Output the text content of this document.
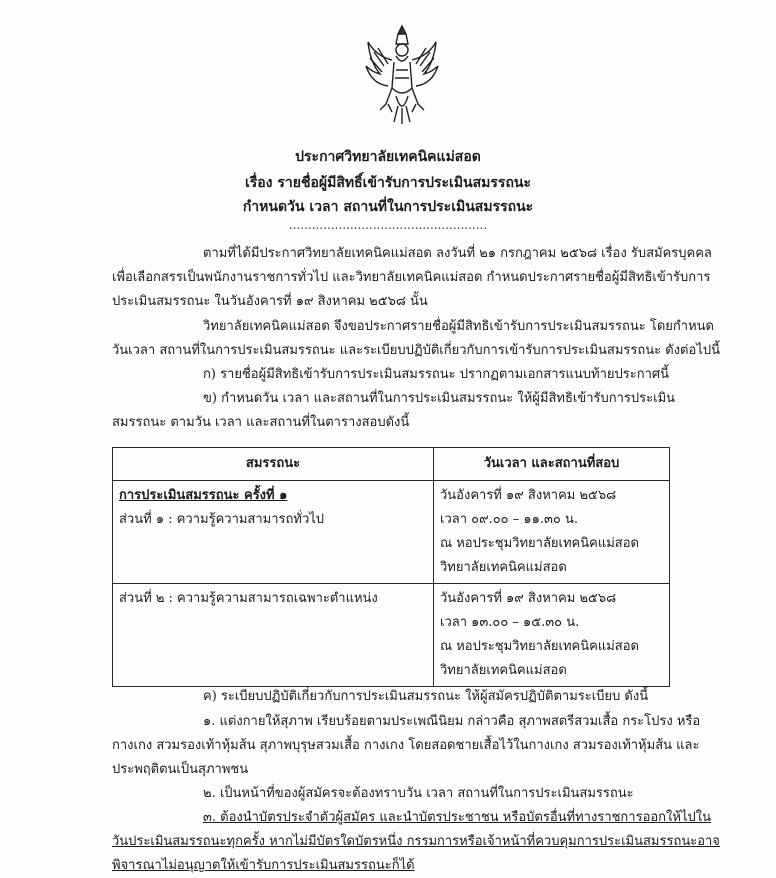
ประกาศวิทยาลัยเทคนิคแม่สอด
เรื่อง รายชื่อผู้มีสิทธิ์เข้ารับการประเมินสมรรถนะ
กำหนดวัน เวลา สถานที่ในการประเมินสมรรถนะ
....................................................
ตามที่ได้มีประกาศวิทยาลัยเทคนิคแม่สอด ลงวันที่ ๒๑ กรกฎาคม ๒๕๖๘ เรื่อง รับสมัครบุคคล
เพื่อเลือกสรรเป็นพนักงานราชการทั่วไป และวิทยาลัยเทคนิคแม่สอด กำหนดประกาศรายชื่อผู้มีสิทธิเข้ารับการ
ประเมินสมรรถนะ ในวันอังคารที่ ๑๙ สิงหาคม ๒๕๖๘ นั้น
วิทยาลัยเทคนิคแม่สอด จึงขอประกาศรายชื่อผู้มีสิทธิเข้ารับการประเมินสมรรถนะ โดยกำหนด
วันเวลา สถานที่ในการประเมินสมรรถนะ และระเบียบปฏิบัติเกี่ยวกับการเข้ารับการประเมินสมรรถนะ ดังต่อไปนี้
ก) รายชื่อผู้มีสิทธิเข้ารับการประเมินสมรรถนะ ปรากฏตามเอกสารแนบท้ายประกาศนี้
ข) กำหนดวัน เวลา และสถานที่ในการประเมินสมรรถนะ ให้ผู้มีสิทธิเข้ารับการประเมิน
สมรรถนะ ตามวัน เวลา และสถานที่ในตารางสอบดังนี้
สมรรถนะ	วันเวลา และสถานที่สอบ

การประเมินสมรรถนะ ครั้งที่ ๑
ส่วนที่ ๑ : ความรู้ความสามารถทั่วไป	วันอังคารที่ ๑๙ สิงหาคม ๒๕๖๘
เวลา ๐๙.๐๐ – ๑๑.๓๐ น.
ณ หอประชุมวิทยาลัยเทคนิคแม่สอด
วิทยาลัยเทคนิคแม่สอด

ส่วนที่ ๒ : ความรู้ความสามารถเฉพาะตำแหน่ง	วันอังคารที่ ๑๙ สิงหาคม ๒๕๖๘
เวลา ๑๓.๐๐ – ๑๕.๓๐ น.
ณ หอประชุมวิทยาลัยเทคนิคแม่สอด
วิทยาลัยเทคนิคแม่สอด
ค) ระเบียบปฏิบัติเกี่ยวกับการประเมินสมรรถนะ ให้ผู้สมัครปฏิบัติตามระเบียบ ดังนี้
๑. แต่งกายให้สุภาพ เรียบร้อยตามประเพณีนิยม กล่าวคือ สุภาพสตรีสวมเสื้อ กระโปรง หรือ
กางเกง สวมรองเท้าหุ้มส้น สุภาพบุรุษสวมเสื้อ กางเกง โดยสอดชายเสื้อไว้ในกางเกง สวมรองเท้าหุ้มส้น และ
ประพฤติตนเป็นสุภาพชน
๒. เป็นหน้าที่ของผู้สมัครจะต้องทราบวัน เวลา สถานที่ในการประเมินสมรรถนะ
๓. ต้องนำบัตรประจำตัวผู้สมัคร และนำบัตรประชาชน หรือบัตรอื่นที่ทางราชการออกให้ไปใน
วันประเมินสมรรถนะทุกครั้ง หากไม่มีบัตรใดบัตรหนึ่ง กรรมการหรือเจ้าหน้าที่ควบคุมการประเมินสมรรถนะอาจ
พิจารณาไม่อนุญาตให้เข้ารับการประเมินสมรรถนะก็ได้
